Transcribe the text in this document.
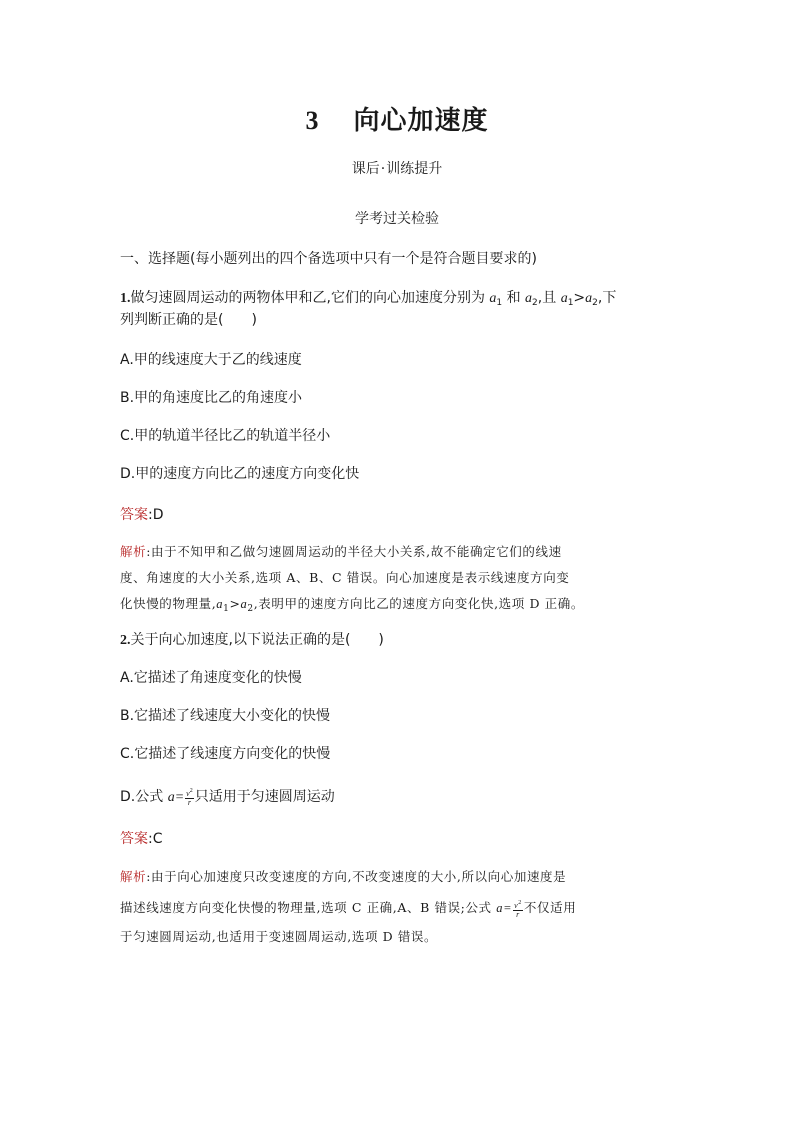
3 向心加速度
课后·训练提升
学考过关检验
一、选择题(每小题列出的四个备选项中只有一个是符合题目要求的)
1.做匀速圆周运动的两物体甲和乙,它们的向心加速度分别为 $a_1$ 和 $a_2$,且 $a_1>a_2$,下
列判断正确的是(　　)
A.甲的线速度大于乙的线速度
B.甲的角速度比乙的角速度小
C.甲的轨道半径比乙的轨道半径小
D.甲的速度方向比乙的速度方向变化快
答案:D
解析:由于不知甲和乙做匀速圆周运动的半径大小关系,故不能确定它们的线速
度、角速度的大小关系,选项 A、B、C 错误。向心加速度是表示线速度方向变
化快慢的物理量$,a_1>a_2$,表明甲的速度方向比乙的速度方向变化快,选项 D 正确。
2.关于向心加速度,以下说法正确的是(　　)
A.它描述了角速度变化的快慢
B.它描述了线速度大小变化的快慢
C.它描述了线速度方向变化的快慢
D.公式 $a= \frac{v^2}{r}$ 只适用于匀速圆周运动
答案:C
解析:由于向心加速度只改变速度的方向,不改变速度的大小,所以向心加速度是
描述线速度方向变化快慢的物理量,选项 C 正确,A、B 错误;公式 $a= \frac{v^2}{r}$ 不仅适用
于匀速圆周运动,也适用于变速圆周运动,选项 D 错误。
